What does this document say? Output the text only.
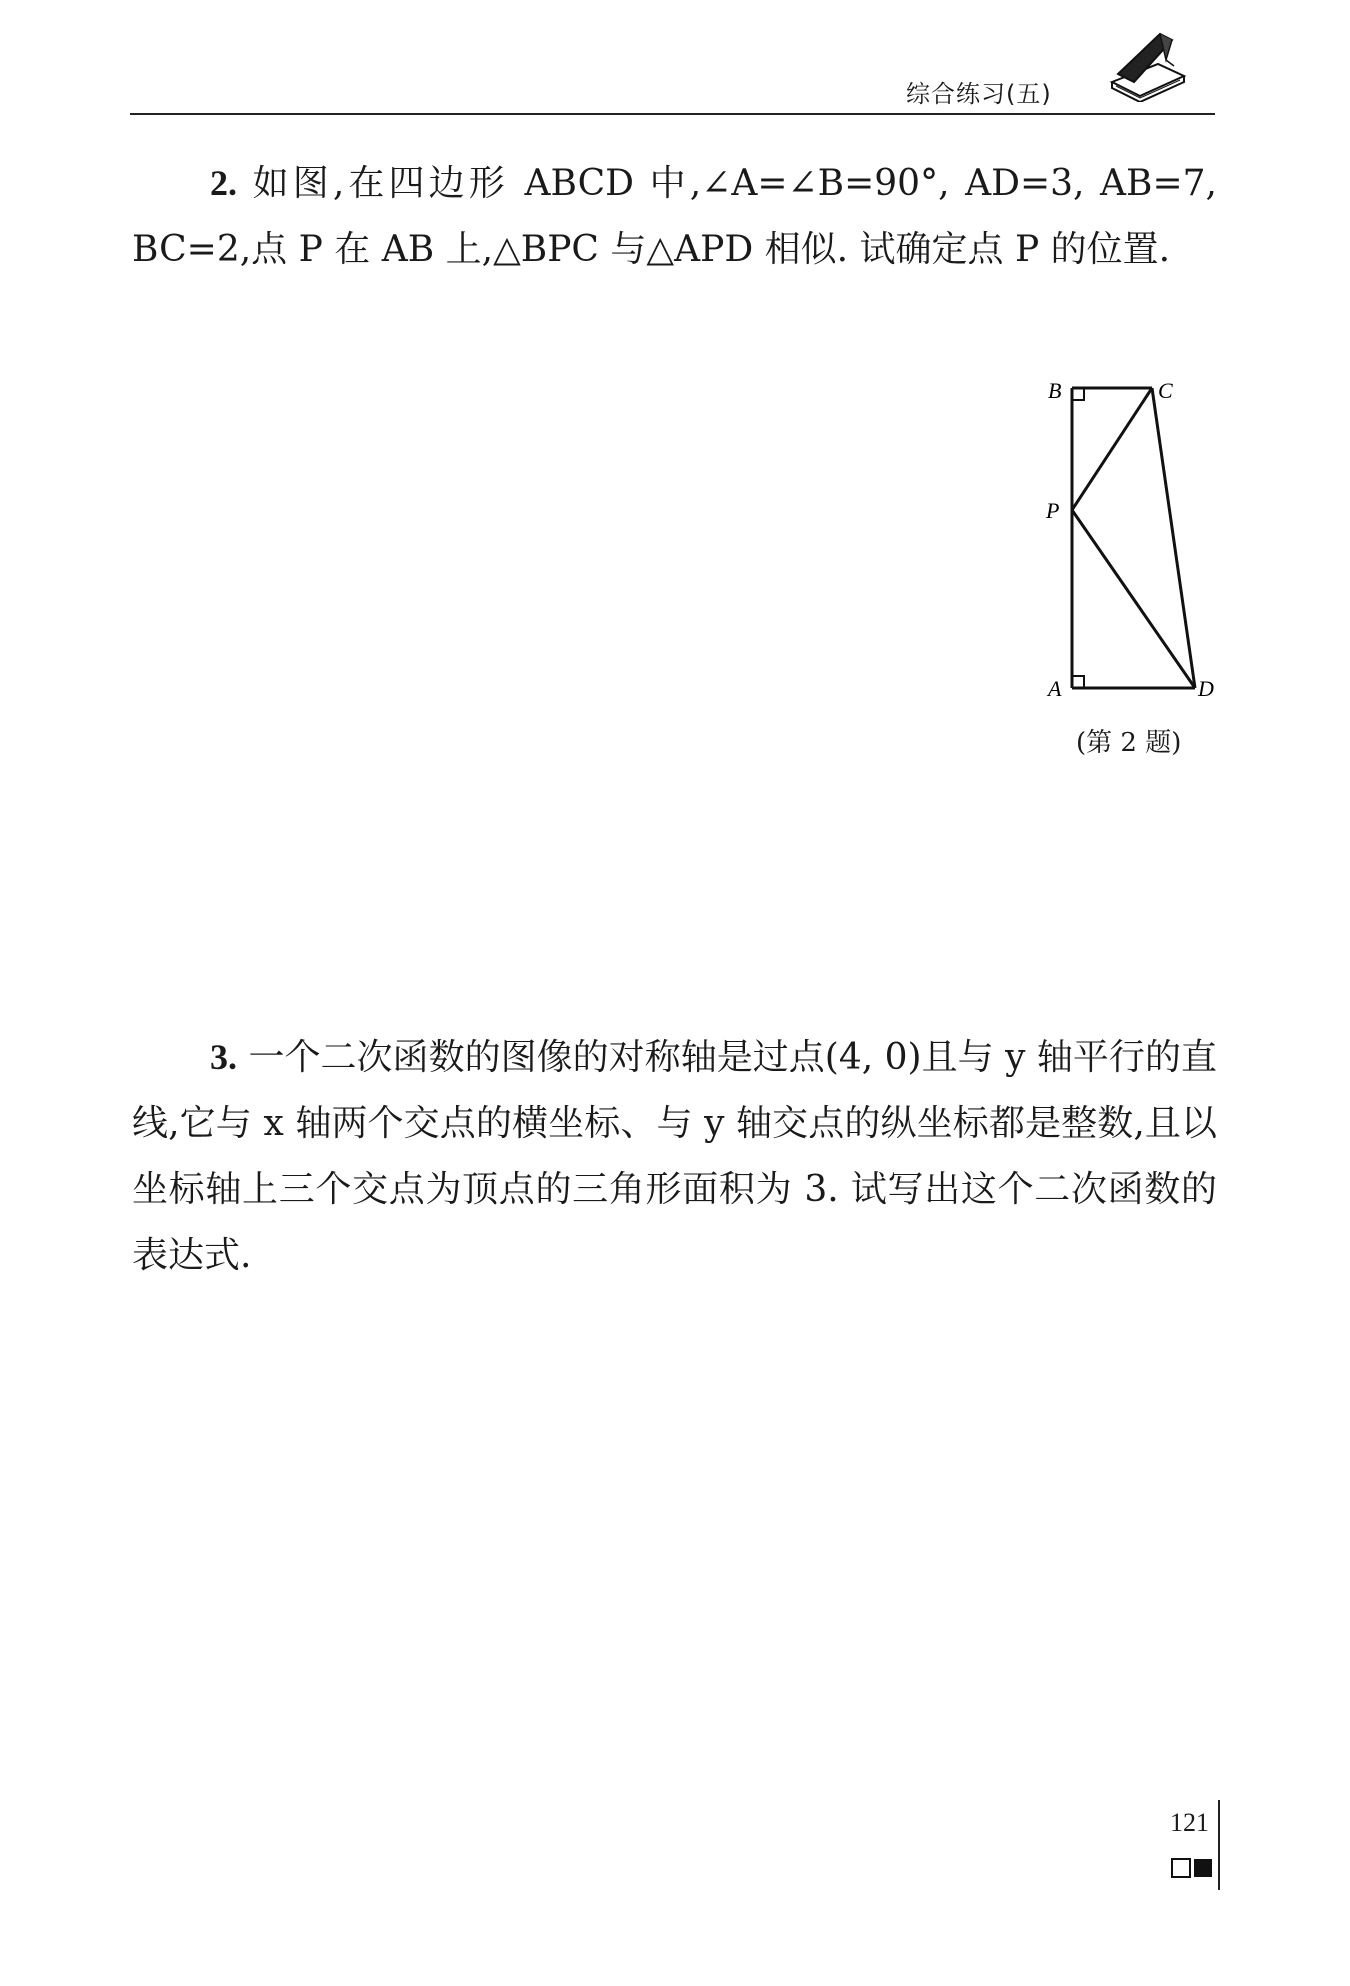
综合练习(五)
2. 如图,在四边形 ABCD 中,∠A=∠B=90°, AD=3, AB=7, BC=2,点 P 在 AB 上,△BPC 与△APD 相似. 试确定点 P 的位置.
B	C
P
A	D
(第 2 题)
3. 一个二次函数的图像的对称轴是过点(4, 0)且与 y 轴平行的直线,它与 x 轴两个交点的横坐标、与 y 轴交点的纵坐标都是整数,且以坐标轴上三个交点为顶点的三角形面积为 3. 试写出这个二次函数的表达式.
121
